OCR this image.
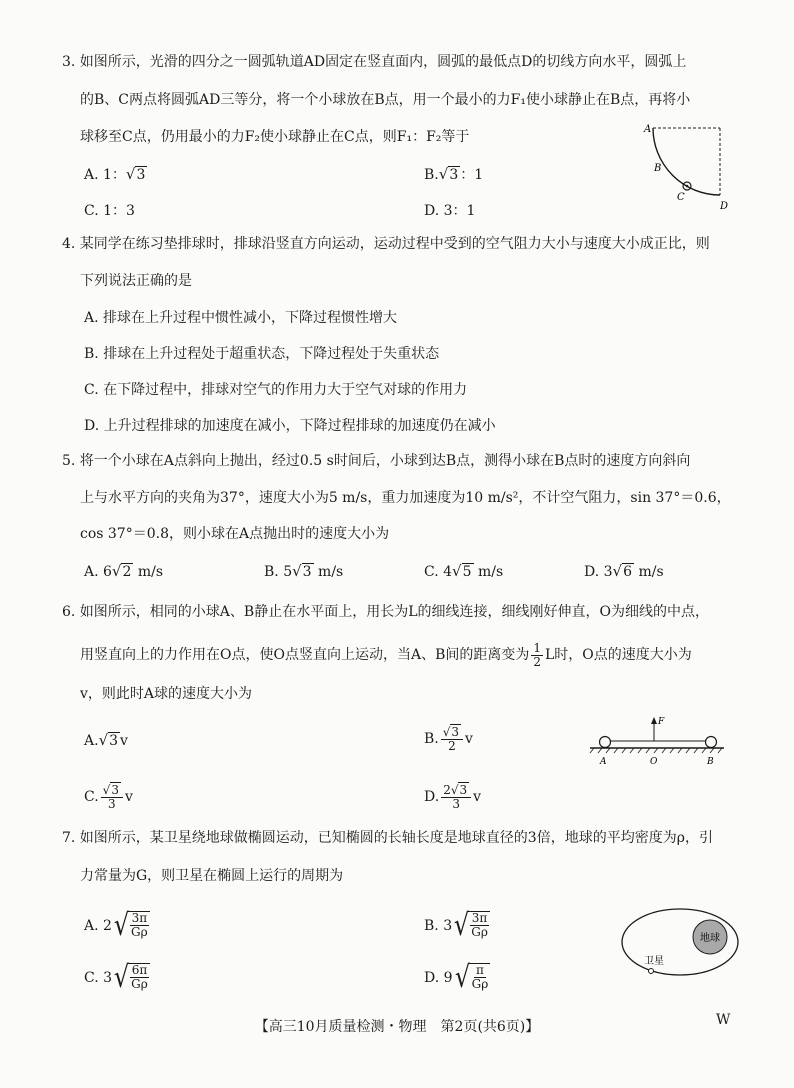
3. 如图所示，光滑的四分之一圆弧轨道AD固定在竖直面内，圆弧的最低点D的切线方向水平，圆弧上
的B、C两点将圆弧AD三等分，将一个小球放在B点，用一个最小的力F₁使小球静止在B点，再将小
球移至C点，仍用最小的力F₂使小球静止在C点，则F₁：F₂等于
A. 1：√3	B.√3 ：1
C. 1：3	D. 3：1
A
B
C
D
4. 某同学在练习垫排球时，排球沿竖直方向运动，运动过程中受到的空气阻力大小与速度大小成正比，则
下列说法正确的是
A. 排球在上升过程中惯性减小，下降过程惯性增大
B. 排球在上升过程处于超重状态，下降过程处于失重状态
C. 在下降过程中，排球对空气的作用力大于空气对球的作用力
D. 上升过程排球的加速度在减小，下降过程排球的加速度仍在减小
5. 将一个小球在A点斜向上抛出，经过0.5 s时间后，小球到达B点，测得小球在B点时的速度方向斜向
上与水平方向的夹角为37°，速度大小为5 m/s，重力加速度为10 m/s²，不计空气阻力，sin 37°＝0.6，
cos 37°＝0.8，则小球在A点抛出时的速度大小为
A. 6√2 m/s	B. 5√3 m/s	C. 4√5 m/s	D. 3√6 m/s
6. 如图所示，相同的小球A、B静止在水平面上，用长为L的细线连接，细线刚好伸直，O为细线的中点，
用竖直向上的力作用在O点，使O点竖直向上运动，当A、B间的距离变为 $\frac{1}{2}$ L时，O点的速度大小为
v，则此时A球的速度大小为
A.√3 v	B. $\frac{√3}{2}$ v
C. $\frac{√3}{3}$ v	D. $\frac{2√3}{3}$ v
F
A	O	B
7. 如图所示，某卫星绕地球做椭圆运动，已知椭圆的长轴长度是地球直径的3倍，地球的平均密度为ρ，引
力常量为G，则卫星在椭圆上运行的周期为
A. 2 √ $\frac{3\pi}{G\rho}$	B. 3 √ $\frac{3\pi}{G\rho}$
C. 3 √ $\frac{6\pi}{G\rho}$	D. 9 √ $\frac{\pi}{G\rho}$
地球
卫星
【高三10月质量检测・物理　第2页(共6页)】	W
